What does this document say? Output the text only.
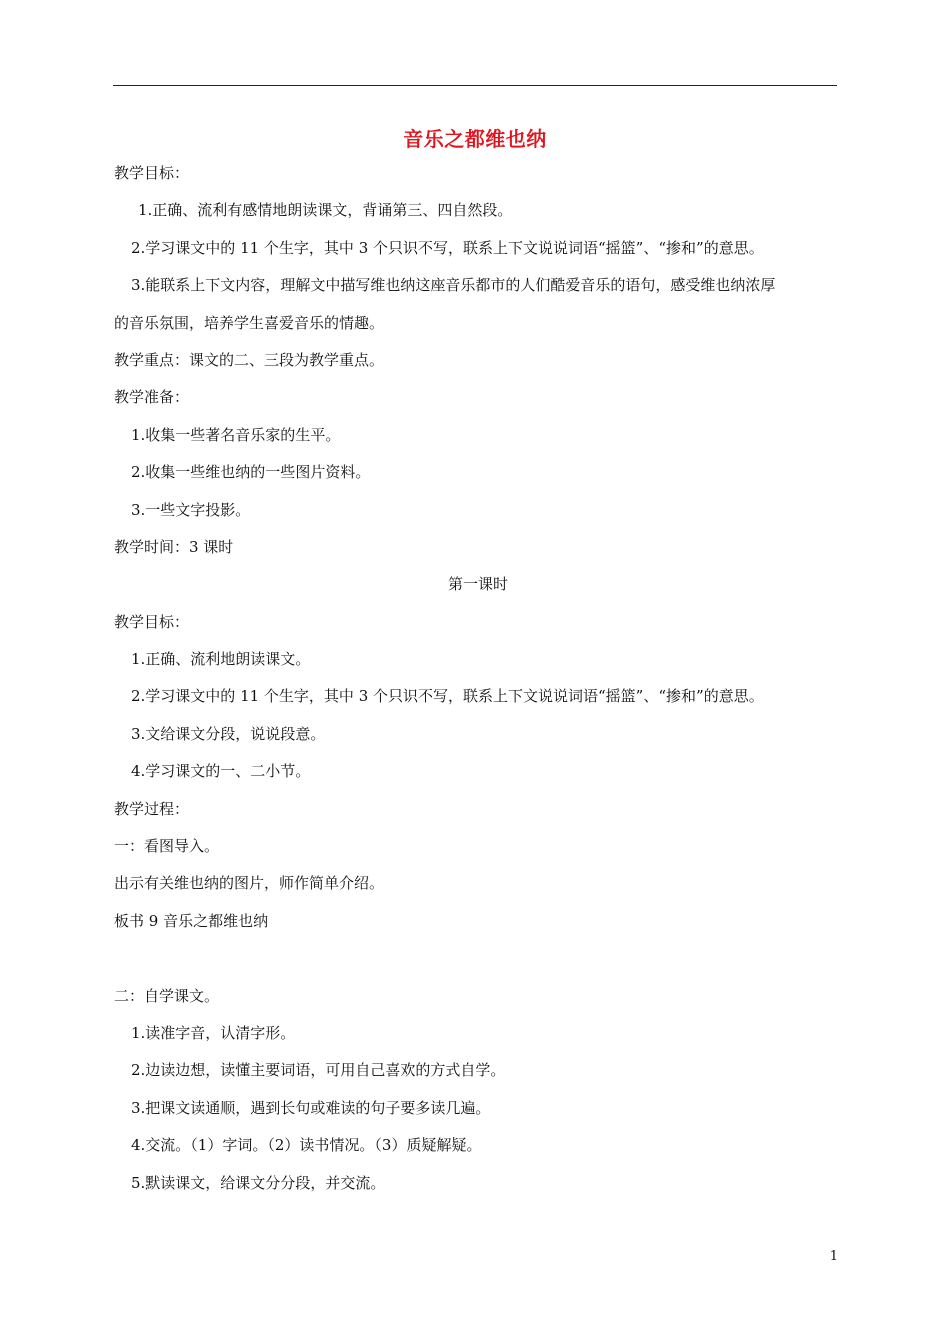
音乐之都维也纳
教学目标：
1.正确、流利有感情地朗读课文，背诵第三、四自然段。
2.学习课文中的 11 个生字，其中 3 个只识不写，联系上下文说说词语“摇篮”、“掺和”的意思。
3.能联系上下文内容，理解文中描写维也纳这座音乐都市的人们酷爱音乐的语句，感受维也纳浓厚
的音乐氛围，培养学生喜爱音乐的情趣。
教学重点：课文的二、三段为教学重点。
教学准备：
1.收集一些著名音乐家的生平。
2.收集一些维也纳的一些图片资料。
3.一些文字投影。
教学时间：3 课时
第一课时
教学目标：
1.正确、流利地朗读课文。
2.学习课文中的 11 个生字，其中 3 个只识不写，联系上下文说说词语“摇篮”、“掺和”的意思。
3.文给课文分段，说说段意。
4.学习课文的一、二小节。
教学过程：
一：看图导入。
出示有关维也纳的图片，师作简单介绍。
板书 9 音乐之都维也纳
二：自学课文。
1.读准字音，认清字形。
2.边读边想，读懂主要词语，可用自己喜欢的方式自学。
3.把课文读通顺，遇到长句或难读的句子要多读几遍。
4.交流。（1）字词。（2）读书情况。（3）质疑解疑。
5.默读课文，给课文分分段，并交流。
1
